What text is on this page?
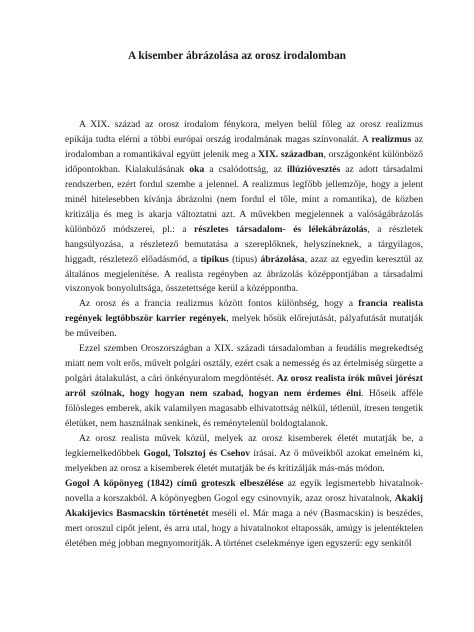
A kisember ábrázolása az orosz irodalomban

A XIX. század az orosz irodalom fénykora, melyen belül főleg az orosz realizmus epikája tudta elérni a többi európai ország irodalmának magas színvonalát. A realizmus az irodalomban a romantikával együtt jelenik meg a XIX. században, országonként különböző időpontokban. Kialakulásának oka a csalódottság, az illúzióvesztés az adott társadalmi rendszerben, ezért fordul szembe a jelennel. A realizmus legfőbb jellemzője, hogy a jelent minél hitelesebben kívánja ábrázolni (nem fordul el tőle, mint a romantika), de közben kritizálja és meg is akarja változtatni azt. A művekben megjelennek a valóságábrázolás különböző módszerei, pl.: a részletes társadalom- és lélekábrázolás, a részletek hangsúlyozása, a részletező bemutatása a szereplőknek, helyszíneknek, a tárgyilagos, higgadt, részletező előadásmód, a tipikus (típus) ábrázolása, azaz az egyedin keresztül az általános megjelenítése. A realista regényben az ábrázolás középpontjában a társadalmi viszonyok bonyolultsága, összetettsége kerül a középpontba.

Az orosz és a francia realizmus között fontos különbség, hogy a francia realista regények legtöbbször karrier regények, melyek hősük előrejutását, pályafutását mutatják be műveiben.

Ezzel szemben Oroszországban a XIX. századi társadalomban a feudális megrekedtség miatt nem volt erős, művelt polgári osztály, ezért csak a nemesség és az értelmiség sürgette a polgári átalakulást, a cári önkényuralom megdöntését. Az orosz realista írók művei jórészt arról szólnak, hogy hogyan nem szabad, hogyan nem érdemes élni. Hőseik afféle fölösleges emberek, akik valamilyen magasabb elhivatottság nélkül, tétlenül, ítresen tengetik életüket, nem használnak senkinek, és reménytelenül boldogtalanok.

Az orosz realista művek közül, melyek az orosz kisemberek életét mutatják be, a legkiemelkedőbbek Gogol, Tolsztoj és Csehov írásai. Az ő műveikből azokat emelném ki, melyekben az orosz a kisemberek életét mutatják be és kritizálják más-más módon.

Gogol A köpönyeg (1842) című groteszk elbeszélése az egyik legismertebb hivatalnok-novella a korszakból. A köpönyegben Gogol egy csinovnyik, azaz orosz hivatalnok, Akakij Akakijevics Basmacskin történetét meséli el. Már maga a név (Basmacskin) is beszédes, mert oroszul cipőt jelent, és arra utal, hogy a hivatalnokot eltapossák, amúgy is jelentéktelen életében még jobban megnyomorítják. A történet cselekménye igen egyszerű: egy senkitől
